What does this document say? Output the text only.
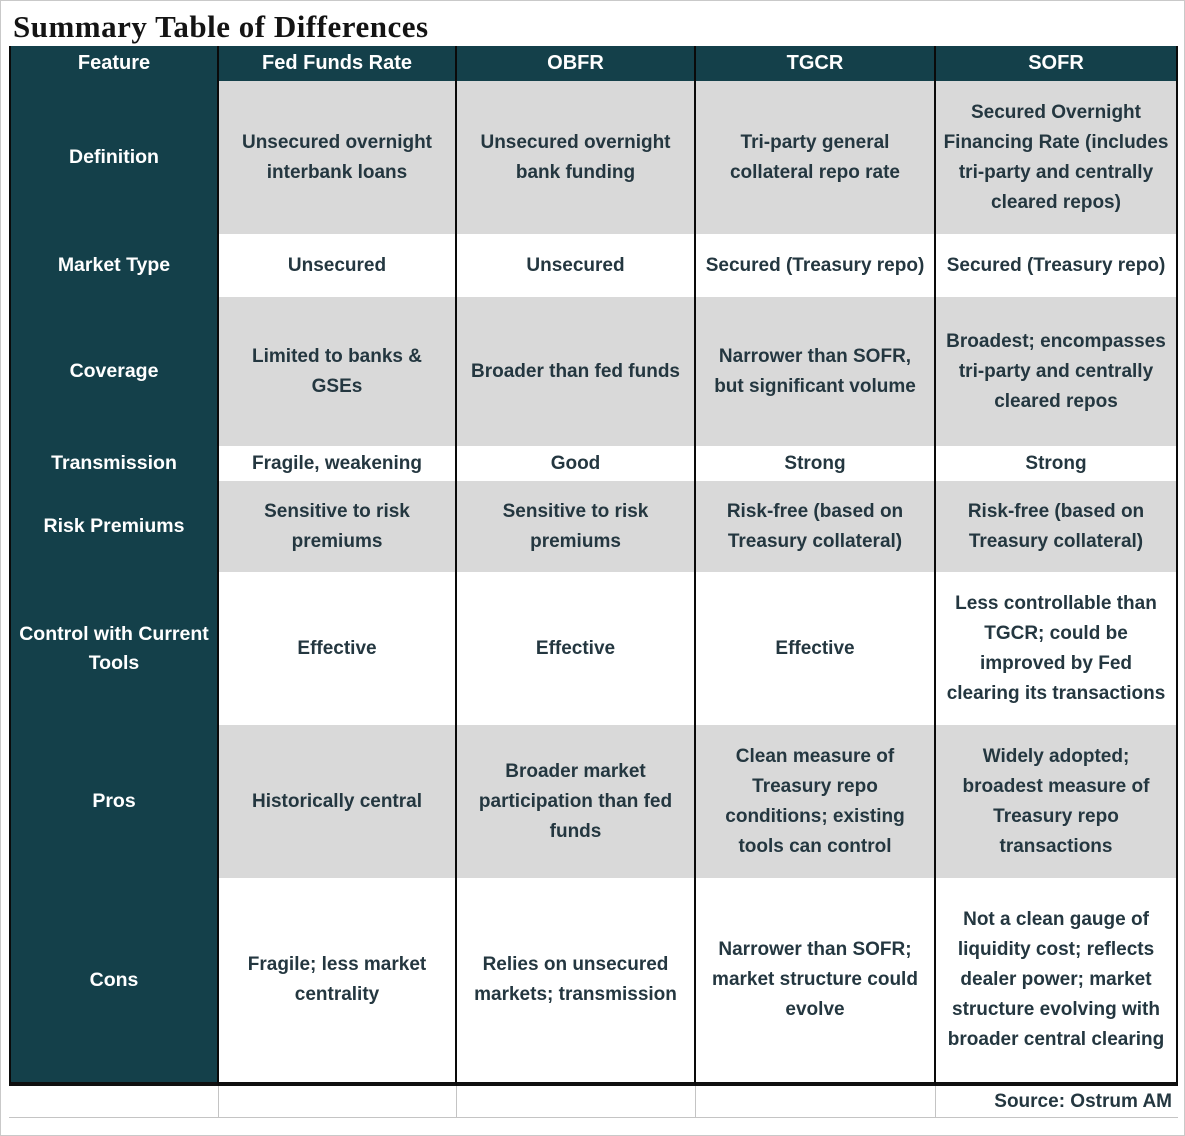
Summary Table of Differences
Feature	Fed Funds Rate	OBFR	TGCR	SOFR
Definition	Unsecured overnight interbank loans	Unsecured overnight bank funding	Tri-party general collateral repo rate	Secured Overnight Financing Rate (includes tri-party and centrally cleared repos)
Market Type	Unsecured	Unsecured	Secured (Treasury repo)	Secured (Treasury repo)
Coverage	Limited to banks & GSEs	Broader than fed funds	Narrower than SOFR, but significant volume	Broadest; encompasses tri-party and centrally cleared repos
Transmission	Fragile, weakening	Good	Strong	Strong
Risk Premiums	Sensitive to risk premiums	Sensitive to risk premiums	Risk-free (based on Treasury collateral)	Risk-free (based on Treasury collateral)
Control with Current Tools	Effective	Effective	Effective	Less controllable than TGCR; could be improved by Fed clearing its transactions
Pros	Historically central	Broader market participation than fed funds	Clean measure of Treasury repo conditions; existing tools can control	Widely adopted; broadest measure of Treasury repo transactions
Cons	Fragile; less market centrality	Relies on unsecured markets; transmission	Narrower than SOFR; market structure could evolve	Not a clean gauge of liquidity cost; reflects dealer power; market structure evolving with broader central clearing
				Source: Ostrum AM
